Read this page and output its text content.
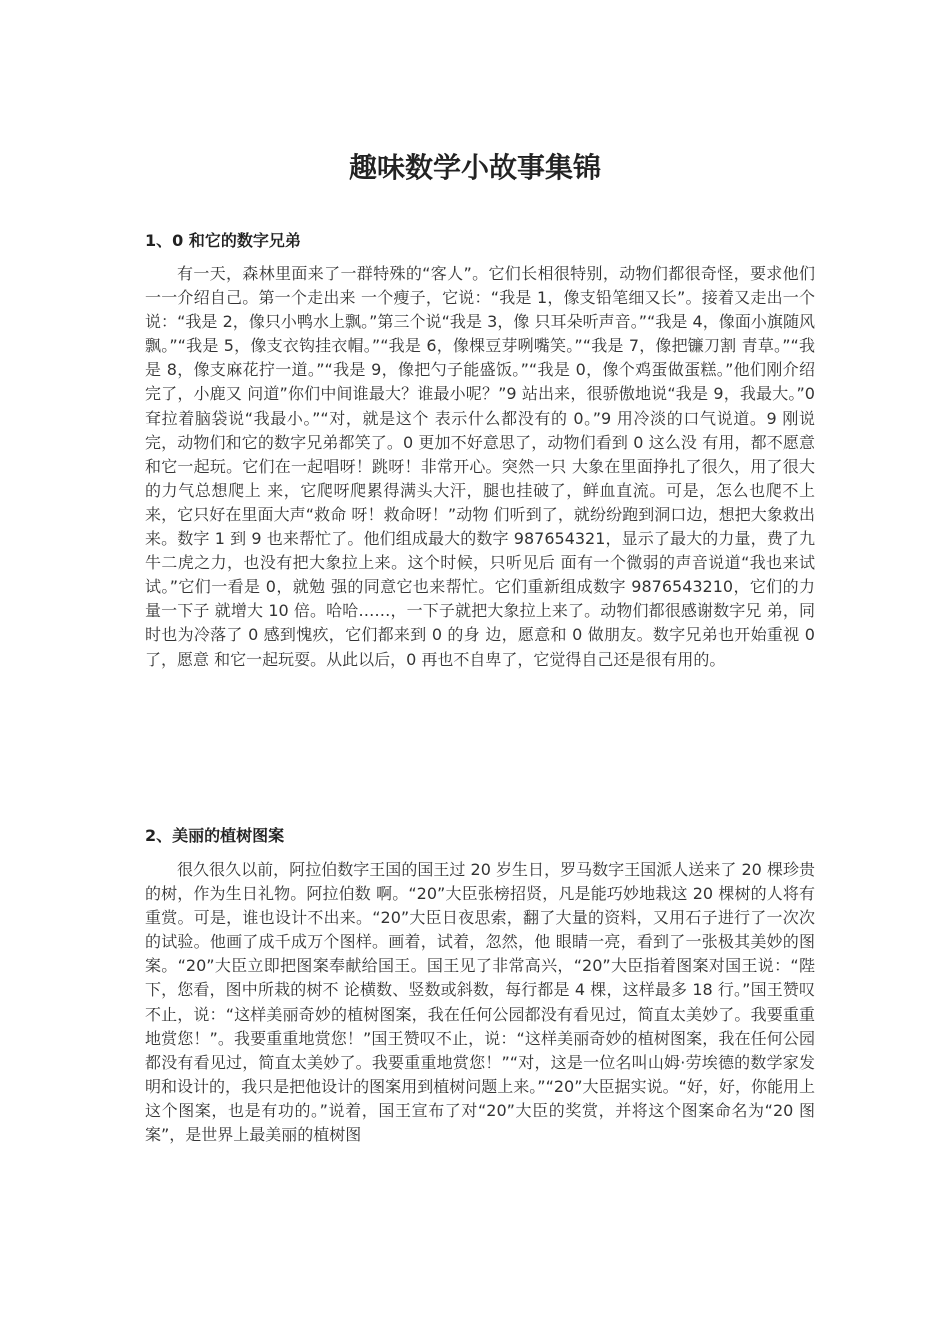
趣味数学小故事集锦
1、0 和它的数字兄弟

有一天，森林里面来了一群特殊的“客人”。它们长相很特别，动物们都很奇怪，要求他们一一介绍自己。第一个走出来 一个瘦子，它说：“我是 1，像支铅笔细又长”。接着又走出一个说：“我是 2，像只小鸭水上飘。”第三个说“我是 3，像 只耳朵听声音。”“我是 4，像面小旗随风飘。”“我是 5，像支衣钩挂衣帽。”“我是 6，像棵豆芽咧嘴笑。”“我是 7，像把镰刀割 青草。”“我是 8，像支麻花拧一道。”“我是 9，像把勺子能盛饭。”“我是 0，像个鸡蛋做蛋糕。”他们刚介绍完了，小鹿又 问道”你们中间谁最大？谁最小呢？”9 站出来，很骄傲地说“我是 9，我最大。”0 耷拉着脑袋说“我最小。”“对，就是这个 表示什么都没有的 0。”9 用冷淡的口气说道。9 刚说完，动物们和它的数字兄弟都笑了。0 更加不好意思了，动物们看到 0 这么没 有用，都不愿意和它一起玩。它们在一起唱呀！跳呀！非常开心。突然一只 大象在里面挣扎了很久，用了很大的力气总想爬上 来，它爬呀爬累得满头大汗，腿也挂破了，鲜血直流。可是，怎么也爬不上来，它只好在里面大声“救命 呀！救命呀！”动物 们听到了，就纷纷跑到洞口边，想把大象救出来。数字 1 到 9 也来帮忙了。他们组成最大的数字 987654321，显示了最大的力量，费了九牛二虎之力，也没有把大象拉上来。这个时候，只听见后 面有一个微弱的声音说道“我也来试试。”它们一看是 0，就勉 强的同意它也来帮忙。它们重新组成数字 9876543210，它们的力量一下子 就增大 10 倍。哈哈……，一下子就把大象拉上来了。动物们都很感谢数字兄 弟，同时也为冷落了 0 感到愧疚，它们都来到 0 的身 边，愿意和 0 做朋友。数字兄弟也开始重视 0 了，愿意 和它一起玩耍。从此以后，0 再也不自卑了，它觉得自己还是很有用的。

2、美丽的植树图案

很久很久以前，阿拉伯数字王国的国王过 20 岁生日，罗马数字王国派人送来了 20 棵珍贵的树，作为生日礼物。阿拉伯数 啊。“20”大臣张榜招贤，凡是能巧妙地栽这 20 棵树的人将有重赏。可是，谁也设计不出来。“20”大臣日夜思索，翻了大量的资料，又用石子进行了一次次的试验。他画了成千成万个图样。画着，试着，忽然，他 眼睛一亮，看到了一张极其美妙的图案。“20”大臣立即把图案奉献给国王。国王见了非常高兴，“20”大臣指着图案对国王说：“陛下，您看，图中所栽的树不 论横数、竖数或斜数，每行都是 4 棵，这样最多 18 行。”国王赞叹不止，说：“这样美丽奇妙的植树图案，我在任何公园都没有看见过，简直太美妙了。我要重重地赏您！”。我要重重地赏您！”国王赞叹不止，说：“这样美丽奇妙的植树图案，我在任何公园都没有看见过，简直太美妙了。我要重重地赏您！”“对，这是一位名叫山姆·劳埃德的数学家发明和设计的，我只是把他设计的图案用到植树问题上来。”“20”大臣据实说。“好，好，你能用上这个图案，也是有功的。”说着，国王宣布了对“20”大臣的奖赏，并将这个图案命名为“20 图案”，是世界上最美丽的植树图
